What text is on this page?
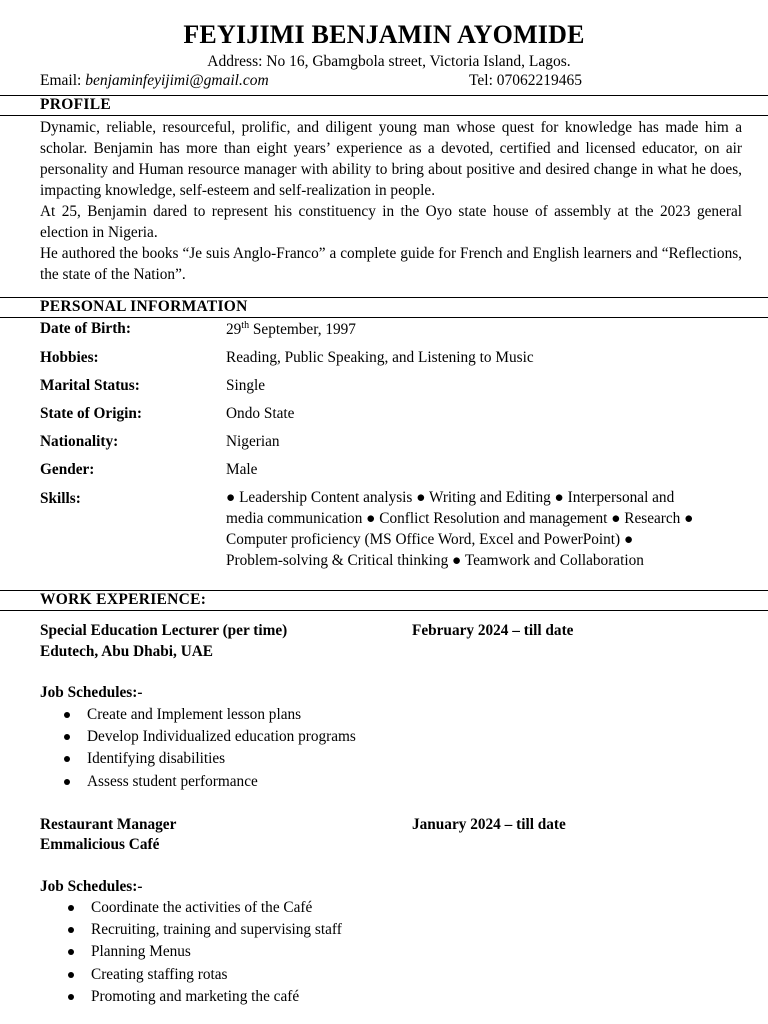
FEYIJIMI BENJAMIN AYOMIDE
Address: No 16, Gbamgbola street, Victoria Island, Lagos.
Email: benjaminfeyijimi@gmail.com	Tel: 07062219465
PROFILE

Dynamic, reliable, resourceful, prolific, and diligent young man whose quest for knowledge has made him a scholar. Benjamin has more than eight years’ experience as a devoted, certified and licensed educator, on air personality and Human resource manager with ability to bring about positive and desired change in what he does, impacting knowledge, self-esteem and self-realization in people.

At 25, Benjamin dared to represent his constituency in the Oyo state house of assembly at the 2023 general election in Nigeria.

He authored the books “Je suis Anglo-Franco” a complete guide for French and English learners and “Reflections, the state of the Nation”.

PERSONAL INFORMATION
Date of Birth:	29th September, 1997
Hobbies:	Reading, Public Speaking, and Listening to Music
Marital Status:	Single
State of Origin:	Ondo State
Nationality:	Nigerian
Gender:	Male
Skills:	● Leadership Content analysis ● Writing and Editing ● Interpersonal and
media communication ● Conflict Resolution and management ● Research ●
Computer proficiency (MS Office Word, Excel and PowerPoint) ●
Problem-solving & Critical thinking ● Teamwork and Collaboration
WORK EXPERIENCE:
Special Education Lecturer (per time)	February 2024 – till date
Edutech, Abu Dhabi, UAE
Job Schedules:-
Create and Implement lesson plans
Develop Individualized education programs
Identifying disabilities
Assess student performance
Restaurant Manager	January 2024 – till date
Emmalicious Café
Job Schedules:-
Coordinate the activities of the Café
Recruiting, training and supervising staff
Planning Menus
Creating staffing rotas
Promoting and marketing the café
